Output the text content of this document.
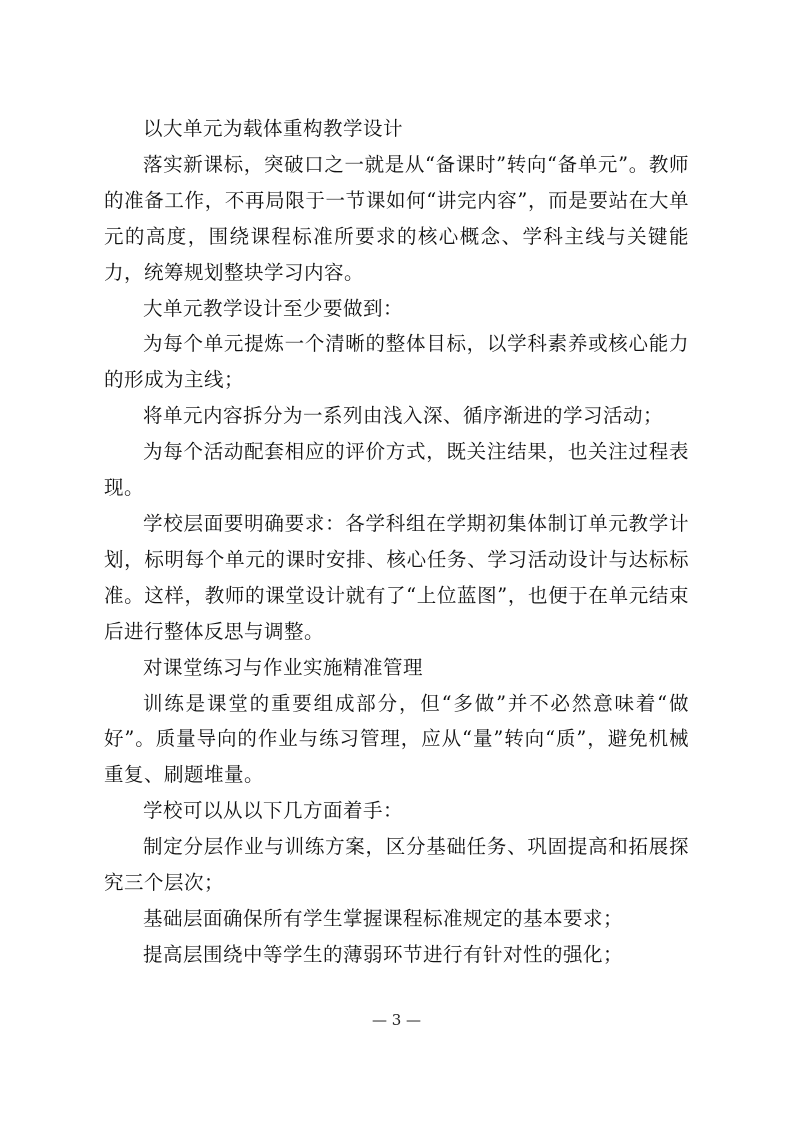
以大单元为载体重构教学设计

落实新课标，突破口之一就是从“备课时”转向“备单元”。教师的准备工作，不再局限于一节课如何“讲完内容”，而是要站在大单元的高度，围绕课程标准所要求的核心概念、学科主线与关键能力，统筹规划整块学习内容。

大单元教学设计至少要做到：

为每个单元提炼一个清晰的整体目标，以学科素养或核心能力的形成为主线；

将单元内容拆分为一系列由浅入深、循序渐进的学习活动；

为每个活动配套相应的评价方式，既关注结果，也关注过程表现。

学校层面要明确要求：各学科组在学期初集体制订单元教学计划，标明每个单元的课时安排、核心任务、学习活动设计与达标标准。这样，教师的课堂设计就有了“上位蓝图”，也便于在单元结束后进行整体反思与调整。

对课堂练习与作业实施精准管理

训练是课堂的重要组成部分，但“多做”并不必然意味着“做好”。质量导向的作业与练习管理，应从“量”转向“质”，避免机械重复、刷题堆量。

学校可以从以下几方面着手：

制定分层作业与训练方案，区分基础任务、巩固提高和拓展探究三个层次；

基础层面确保所有学生掌握课程标准规定的基本要求；

提高层围绕中等学生的薄弱环节进行有针对性的强化；

— 3 —
